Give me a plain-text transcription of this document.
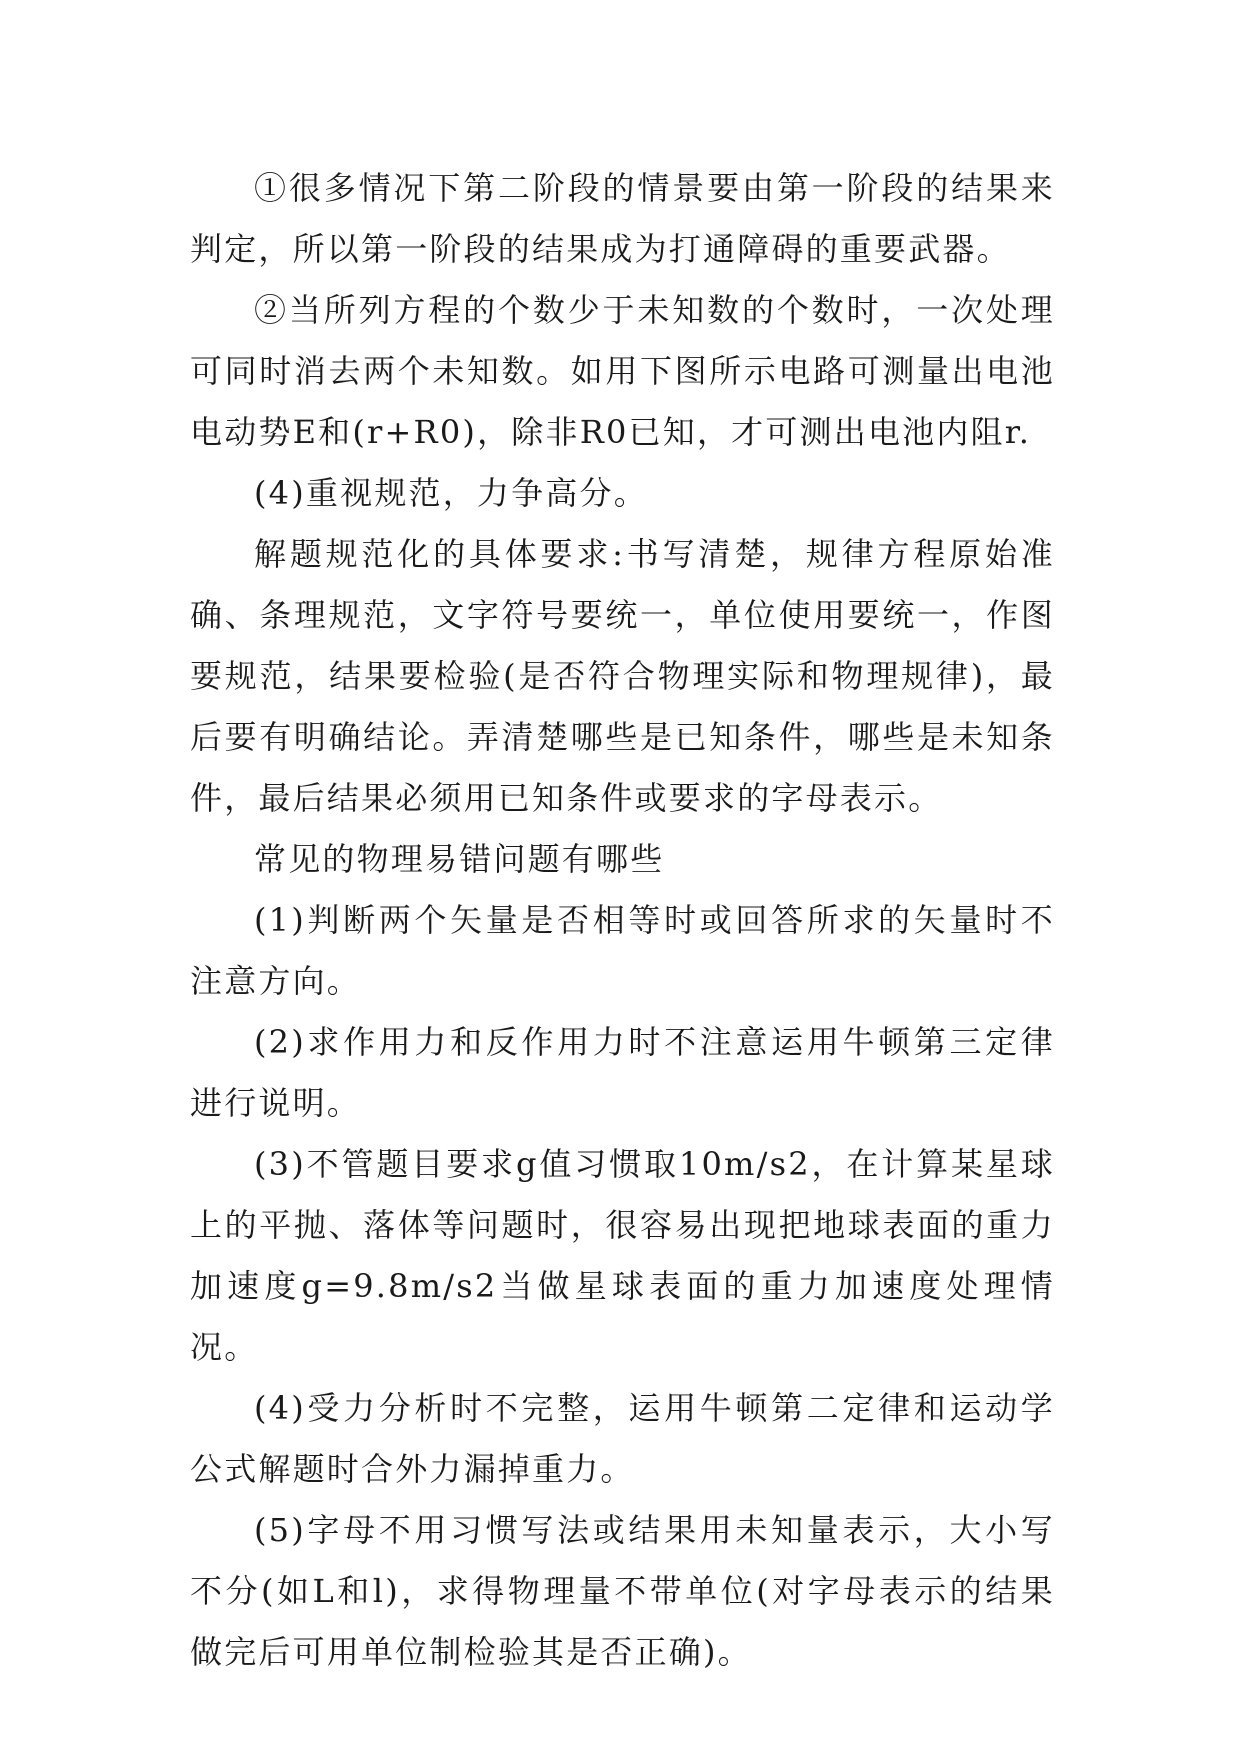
①很多情况下第二阶段的情景要由第一阶段的结果来判定，所以第一阶段的结果成为打通障碍的重要武器。

②当所列方程的个数少于未知数的个数时，一次处理可同时消去两个未知数。如用下图所示电路可测量出电池电动势E和(r+R0)，除非R0已知，才可测出电池内阻r.

(4)重视规范，力争高分。

解题规范化的具体要求:书写清楚，规律方程原始准确、条理规范，文字符号要统一，单位使用要统一，作图要规范，结果要检验(是否符合物理实际和物理规律)，最后要有明确结论。弄清楚哪些是已知条件，哪些是未知条件，最后结果必须用已知条件或要求的字母表示。

常见的物理易错问题有哪些

(1)判断两个矢量是否相等时或回答所求的矢量时不注意方向。

(2)求作用力和反作用力时不注意运用牛顿第三定律进行说明。

(3)不管题目要求g值习惯取10m/s2，在计算某星球上的平抛、落体等问题时，很容易出现把地球表面的重力加速度g=9.8m/s2当做星球表面的重力加速度处理情况。

(4)受力分析时不完整，运用牛顿第二定律和运动学公式解题时合外力漏掉重力。

(5)字母不用习惯写法或结果用未知量表示，大小写不分(如L和l)，求得物理量不带单位(对字母表示的结果做完后可用单位制检验其是否正确)。
